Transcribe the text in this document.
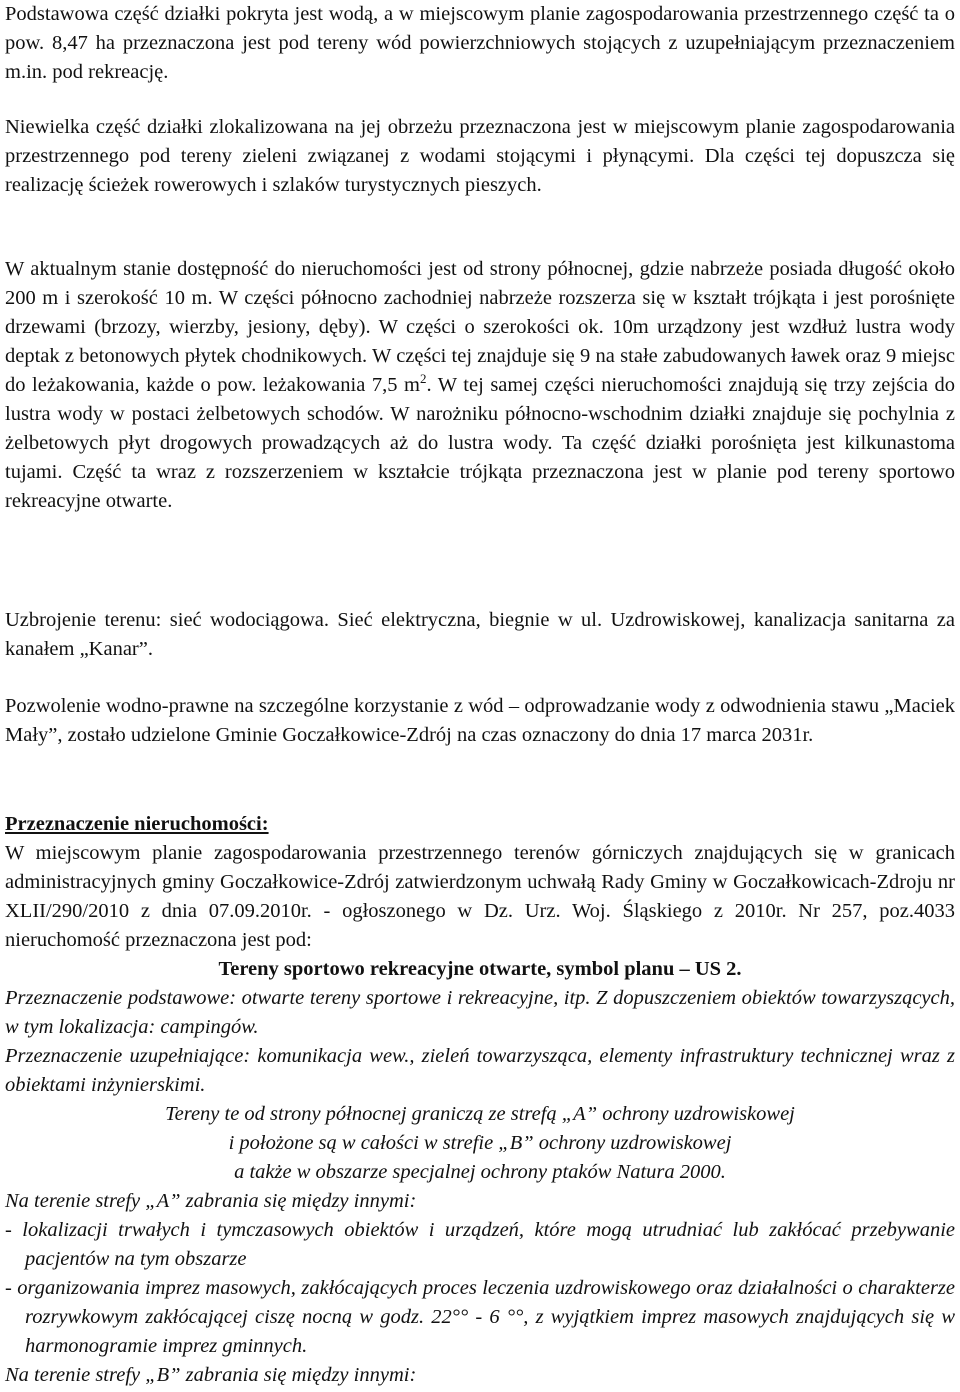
Podstawowa część działki pokryta jest wodą, a w miejscowym planie zagospodarowania przestrzennego część ta o pow. 8,47 ha przeznaczona jest pod tereny wód powierzchniowych stojących z uzupełniającym przeznaczeniem m.in. pod rekreację.
Niewielka część działki zlokalizowana na jej obrzeżu przeznaczona jest w miejscowym planie zagospodarowania przestrzennego pod tereny zieleni związanej z wodami stojącymi i płynącymi. Dla części tej dopuszcza się realizację ścieżek rowerowych i szlaków turystycznych pieszych.
W aktualnym stanie dostępność do nieruchomości jest od strony północnej, gdzie nabrzeże posiada długość około 200 m i szerokość 10 m. W części północno zachodniej nabrzeże rozszerza się w kształt trójkąta i jest porośnięte drzewami (brzozy, wierzby, jesiony, dęby). W części o szerokości ok. 10m urządzony jest wzdłuż lustra wody deptak z betonowych płytek chodnikowych. W części tej znajduje się 9 na stałe zabudowanych ławek oraz 9 miejsc do leżakowania, każde o pow. leżakowania 7,5 $m^2$. W tej samej części nieruchomości znajdują się trzy zejścia do lustra wody w postaci żelbetowych schodów. W narożniku północno-wschodnim działki znajduje się pochylnia z żelbetowych płyt drogowych prowadzących aż do lustra wody. Ta część działki porośnięta jest kilkunastoma tujami. Część ta wraz z rozszerzeniem w kształcie trójkąta przeznaczona jest w planie pod tereny sportowo rekreacyjne otwarte.
Uzbrojenie terenu: sieć wodociągowa. Sieć elektryczna, biegnie w ul. Uzdrowiskowej, kanalizacja sanitarna za kanałem „Kanar”.
Pozwolenie wodno-prawne na szczególne korzystanie z wód – odprowadzanie wody z odwodnienia stawu „Maciek Mały”, zostało udzielone Gminie Goczałkowice-Zdrój na czas oznaczony do dnia 17 marca 2031r.
Przeznaczenie nieruchomości:
W miejscowym planie zagospodarowania przestrzennego terenów górniczych znajdujących się w granicach administracyjnych gminy Goczałkowice-Zdrój zatwierdzonym uchwałą Rady Gminy w Goczałkowicach-Zdroju nr XLII/290/2010 z dnia 07.09.2010r. - ogłoszonego w Dz. Urz. Woj. Śląskiego z 2010r. Nr 257, poz.4033 nieruchomość przeznaczona jest pod:
Tereny sportowo rekreacyjne otwarte, symbol planu – US 2.
Przeznaczenie podstawowe: otwarte tereny sportowe i rekreacyjne, itp. Z dopuszczeniem obiektów towarzyszących, w tym lokalizacja: campingów.
Przeznaczenie uzupełniające: komunikacja wew., zieleń towarzysząca, elementy infrastruktury technicznej wraz z obiektami inżynierskimi.
Tereny te od strony północnej graniczą ze strefą „A” ochrony uzdrowiskowej
i położone są w całości w strefie „B” ochrony uzdrowiskowej
a także w obszarze specjalnej ochrony ptaków Natura 2000.
Na terenie strefy „A” zabrania się między innymi:
- lokalizacji trwałych i tymczasowych obiektów i urządzeń, które mogą utrudniać lub zakłócać przebywanie pacjentów na tym obszarze
- organizowania imprez masowych, zakłócających proces leczenia uzdrowiskowego oraz działalności o charakterze rozrywkowym zakłócającej ciszę nocną w godz. 22°° - 6 °°, z wyjątkiem imprez masowych znajdujących się w harmonogramie imprez gminnych.
Na terenie strefy „B” zabrania się między innymi:
